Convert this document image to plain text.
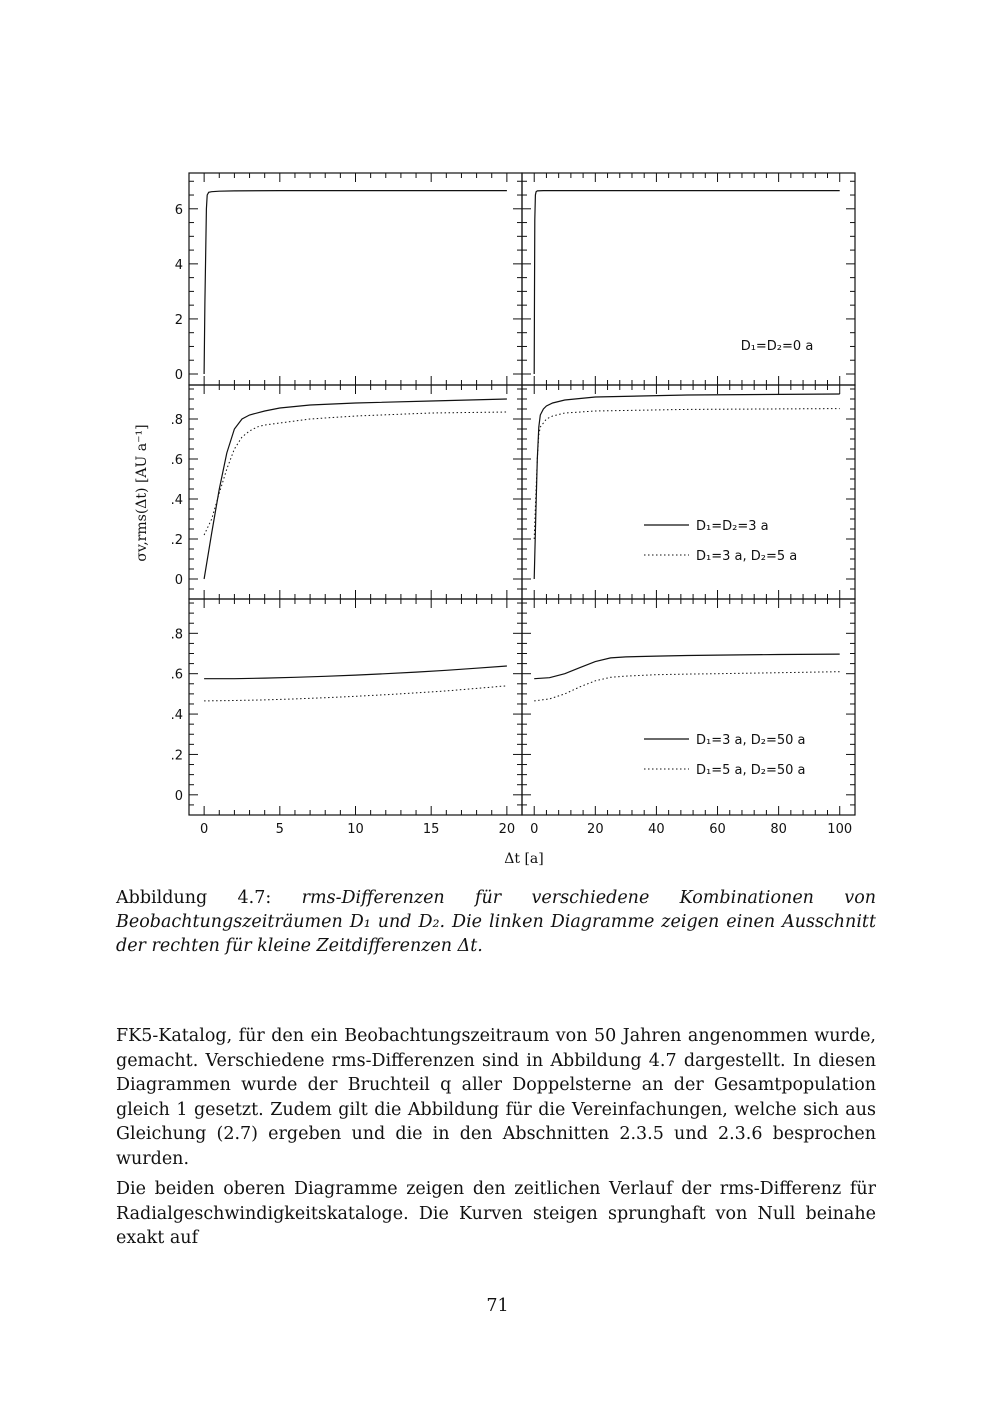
0
2
4
6
D₁=D₂=0 a
0
.2
.4
.6
.8
D₁=D₂=3 a
D₁=3 a, D₂=5 a
0
.2
.4
.6
.8
0	5	10	15	20 0	20	40	60	80	100
D₁=3 a, D₂=50 a
D₁=5 a, D₂=50 a
σv,rms(Δt) [AU a⁻¹]
Δt [a]
Abbildung 4.7: rms-Differenzen für verschiedene Kombinationen von Beobachtungszeiträumen D₁ und D₂. Die linken Diagramme zeigen einen Ausschnitt der rechten für kleine Zeitdifferenzen Δt.

FK5-Katalog, für den ein Beobachtungszeitraum von 50 Jahren angenommen wurde, gemacht. Verschiedene rms-Differenzen sind in Abbildung 4.7 dargestellt. In diesen Diagrammen wurde der Bruchteil q aller Doppelsterne an der Gesamtpopulation gleich 1 gesetzt. Zudem gilt die Abbildung für die Vereinfachungen, welche sich aus Gleichung (2.7) ergeben und die in den Abschnitten 2.3.5 und 2.3.6 besprochen wurden.

Die beiden oberen Diagramme zeigen den zeitlichen Verlauf der rms-Differenz für Radialgeschwindigkeitskataloge. Die Kurven steigen sprunghaft von Null beinahe exakt auf

71
